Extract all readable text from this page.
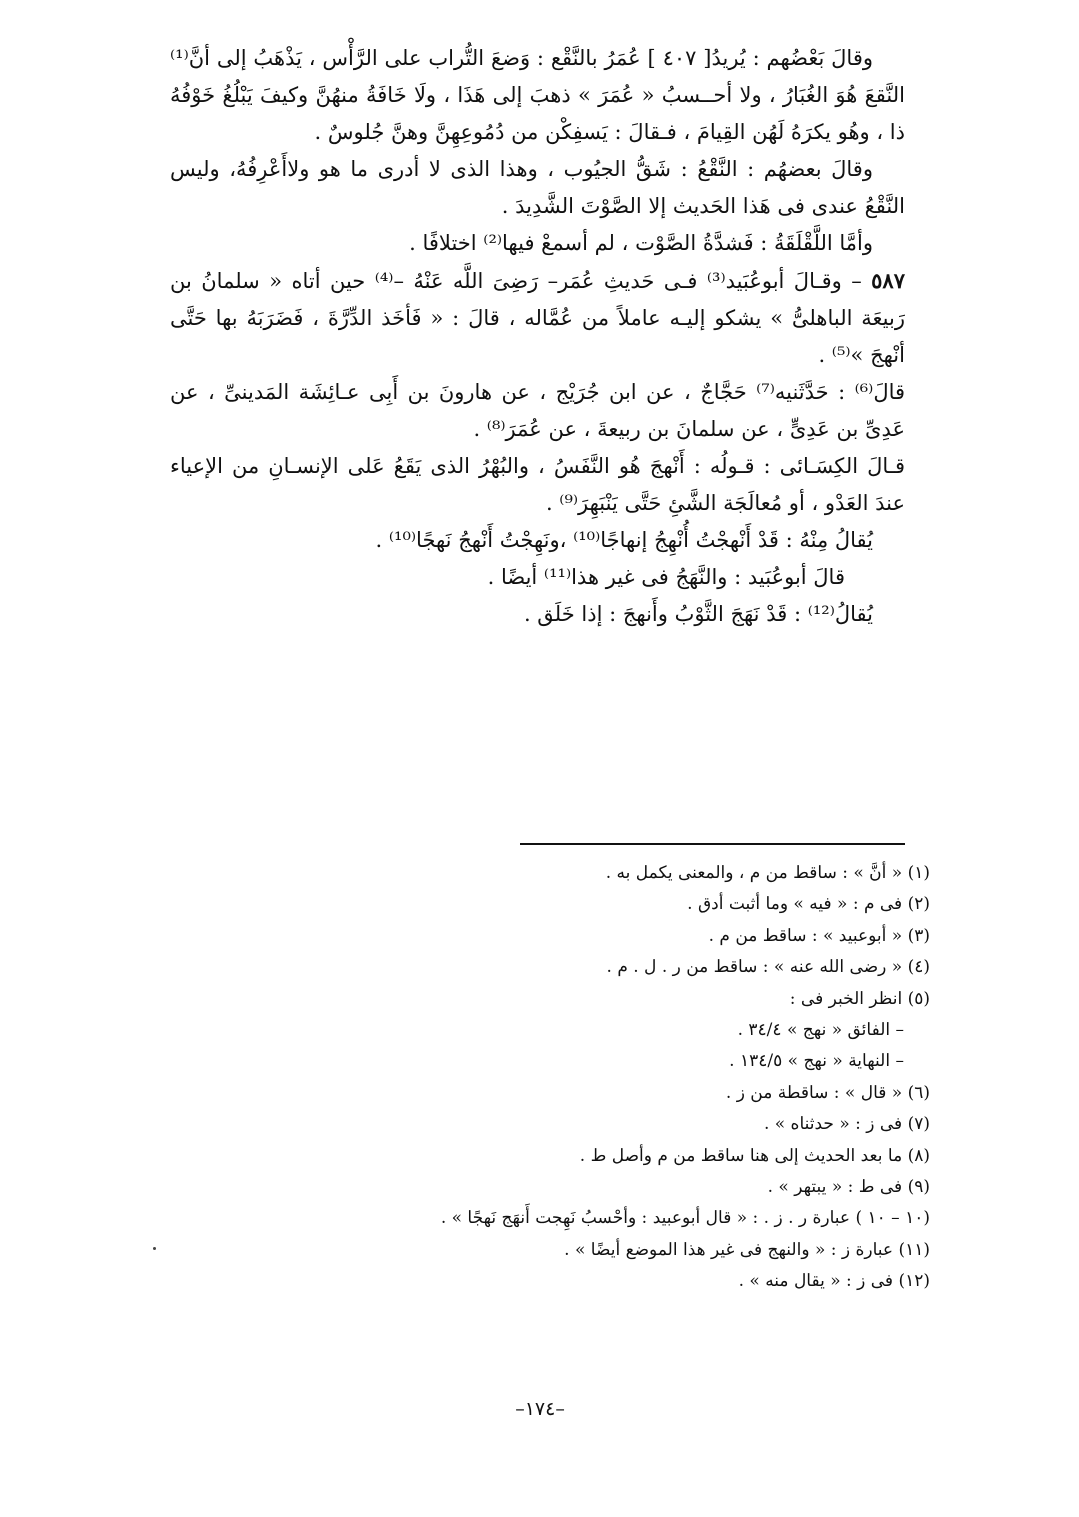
وقالَ بَعْضُهم : يُريدُ[ ٤٠٧ ] عُمَرُ بالنَّقْع : وَضعَ التُّراب على الرَّأْس ، يَذْهَبُ إلى أنَّ⁽¹⁾ النَّقعَ هُوَ الغُبَارُ ، ولا أحــسبُ « عُمَرَ » ذهبَ إلى هَذَا ، ولَا خَافَةُ منهُنَّ وكيفَ يَبْلُغُ خَوْفُهُ ذا ، وهُو يكرَهُ لَهُن القِيامَ ، فـقالَ : يَسفِكْن من دُمُوعِهِنَّ وهنَّ جُلوسٌ .

وقالَ بعضهُم : النَّقْعُ : شَقُّ الجيُوب ، وهذا الذى لا أدرى ما هو ولاأَعْرِفُهُ، وليس النَّقْعُ عندى فى هَذا الحَديث إلا الصَّوْتَ الشَّدِيدَ .

وأمَّا اللَّقْلَقَةُ : فَشدَّةُ الصَّوْت ، لم أسمعْ فيها⁽²⁾ اختلافًا .

٥٨٧ – وقـالَ أبوعُبَيد⁽³⁾ فـى حَديثِ عُمَر– رَضِىَ اللَّه عَنْهُ –⁽⁴⁾ حين أتاه « سلمانُ بن رَبيعَة الباهلىُّ » يشكو إليـه عاملاً من عُمَّاله ، قالَ : « فَأخَذ الدِّرَّةَ ، فَضَرَبَهُ بها حَتَّى أنْهجَ »⁽⁵⁾ .

قالَ⁽⁶⁾ : حَدَّثَنيه⁽⁷⁾ حَجَّاجٌ ، عن ابن جُرَيْج ، عن هارونَ بن أَبِى عـائِشَة المَدينىِّ ، عن عَدِىِّ بن عَدِىٍّ ، عن سلمانَ بن ربيعةَ ، عن عُمَرَ⁽⁸⁾ .

قـالَ الكِسَـائى : قـولُه : أَنْهجَ هُو النَّفَسُ ، والبُهْرُ الذى يَقَعُ عَلى الإنسـانِ من الإعياء عندَ العَدْو ، أو مُعالَجَة الشَّئِ حَتَّى يَنْبَهِرَ⁽⁹⁾ .

يُقالُ مِنْهُ : قَدْ أَنْهجْتُ أُنْهِجُ إنهاجًا⁽¹⁰⁾ ،ونَهِجْتُ أَنْهجُ نَهجًا⁽¹⁰⁾ .

قالَ أبوعُبَيد : والنَّهَجُ فى غير هذا⁽¹¹⁾ أيضًا .

يُقالُ⁽¹²⁾ : قَدْ نَهَجَ الثَّوْبُ وأَنهجَ : إذا خَلَق .

(١) « أنَّ » : ساقط من م ، والمعنى يكمل به .

(٢) فى م : « فيه » وما أثبت أدق .

(٣) « أبوعبيد » : ساقط من م .

(٤) « رضى الله عنه » : ساقط من ر . ل . م .

(٥) انظر الخبر فى :

– الفائق « نهج » ٣٤/٤ .

– النهاية « نهج » ١٣٤/٥ .

(٦) « قال » : ساقطة من ز .

(٧) فى ز : « حدثناه » .

(٨) ما بعد الحديث إلى هنا ساقط من م وأصل ط .

(٩) فى ط : « يبتهر » .

(١٠ – ١٠ ) عبارة ر . ز . : « قال أبوعبيد : وأحْسبُ نَهِجت أَنهَج نَهجًا » .

(١١) عبارة ز : « والنهج فى غير هذا الموضع أيضًا » .

(١٢) فى ز : « يقال منه » .

–١٧٤–
